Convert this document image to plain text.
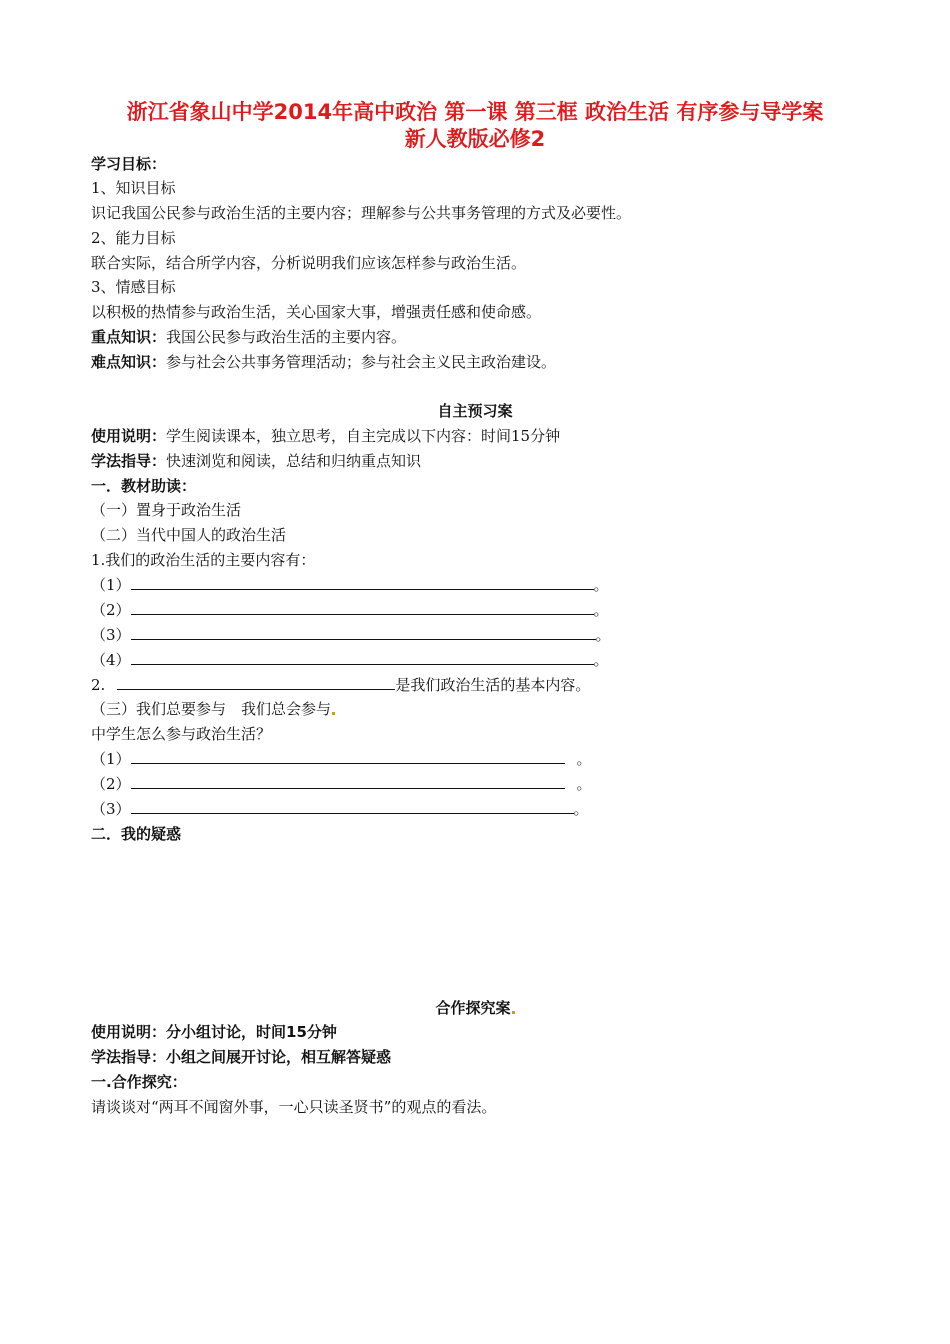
浙江省象山中学2014年高中政治 第一课 第三框 政治生活 有序参与导学案
新人教版必修2
学习目标：
1、知识目标
识记我国公民参与政治生活的主要内容；理解参与公共事务管理的方式及必要性。
2、能力目标
联合实际，结合所学内容，分析说明我们应该怎样参与政治生活。
3、情感目标
以积极的热情参与政治生活，关心国家大事，增强责任感和使命感。
重点知识：我国公民参与政治生活的主要内容。
难点知识：参与社会公共事务管理活动；参与社会主义民主政治建设。
自主预习案
使用说明：学生阅读课本，独立思考，自主完成以下内容：时间15分钟
学法指导：快速浏览和阅读，总结和归纳重点知识
一．教材助读：
（一）置身于政治生活
（二）当代中国人的政治生活
1.我们的政治生活的主要内容有：
（1）	。
（2）	。
（3）	。
（4）	。
2.	是我们政治生活的基本内容。
（三）我们总要参与　我们总会参与
中学生怎么参与政治生活？
（1）	。
（2）	。
（3）	。
二．我的疑惑
合作探究案
使用说明：分小组讨论，时间15分钟
学法指导：小组之间展开讨论，相互解答疑惑
一.合作探究：
请谈谈对“两耳不闻窗外事，一心只读圣贤书”的观点的看法。
